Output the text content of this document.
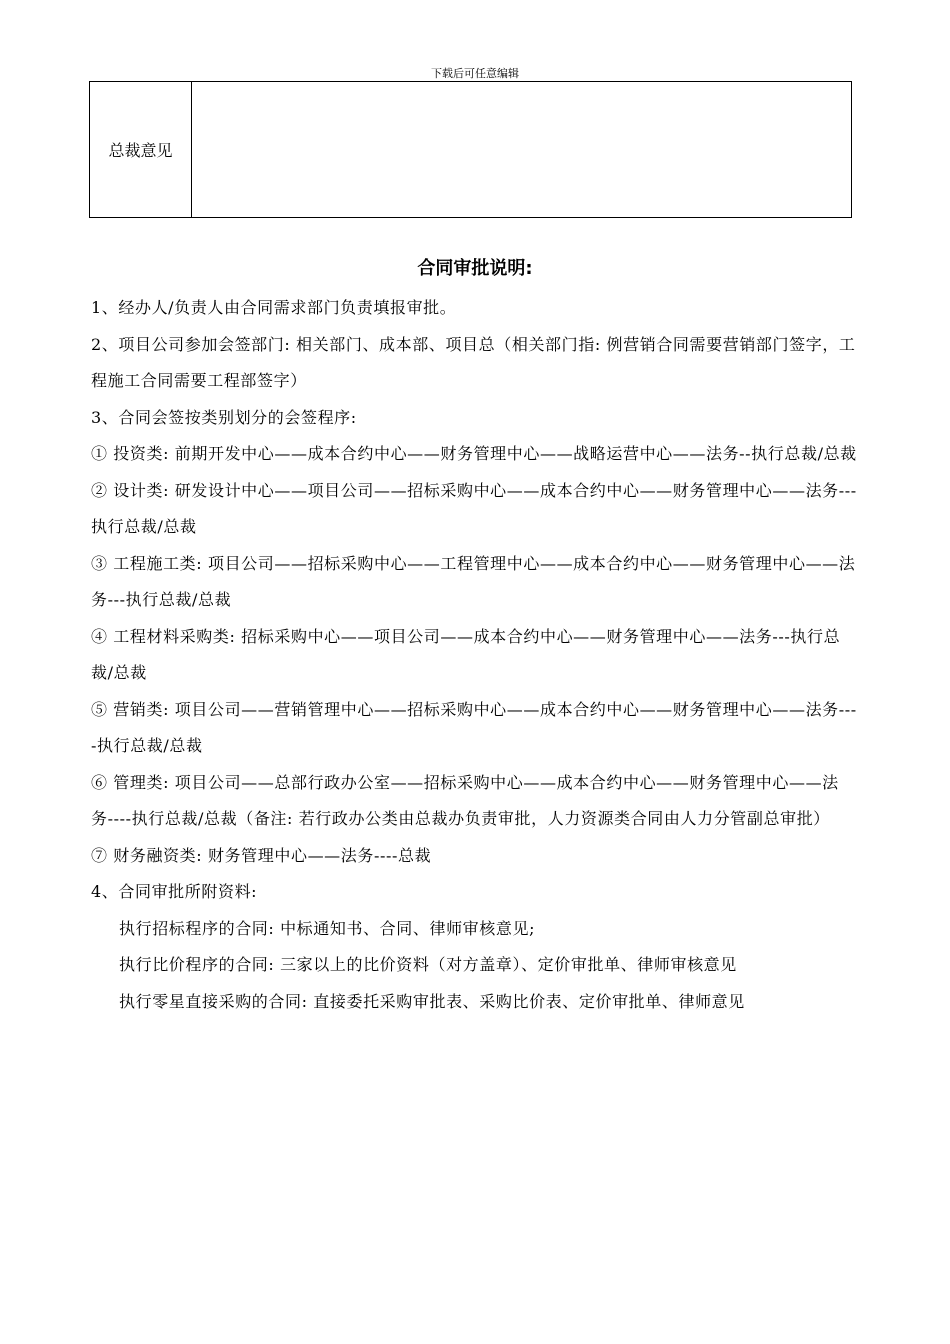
下载后可任意编辑
总裁意见	
合同审批说明:

1、经办人/负责人由合同需求部门负责填报审批。

2、项目公司参加会签部门: 相关部门、成本部、项目总（相关部门指: 例营销合同需要营销部门签字，工程施工合同需要工程部签字）

3、合同会签按类别划分的会签程序:

① 投资类: 前期开发中心——成本合约中心——财务管理中心——战略运营中心——法务--执行总裁/总裁

② 设计类: 研发设计中心——项目公司——招标采购中心——成本合约中心——财务管理中心——法务---执行总裁/总裁

③ 工程施工类: 项目公司——招标采购中心——工程管理中心——成本合约中心——财务管理中心——法务---执行总裁/总裁

④ 工程材料采购类: 招标采购中心——项目公司——成本合约中心——财务管理中心——法务---执行总裁/总裁

⑤ 营销类: 项目公司——营销管理中心——招标采购中心——成本合约中心——财务管理中心——法务----执行总裁/总裁

⑥ 管理类: 项目公司——总部行政办公室——招标采购中心——成本合约中心——财务管理中心——法务----执行总裁/总裁（备注: 若行政办公类由总裁办负责审批，人力资源类合同由人力分管副总审批）

⑦ 财务融资类: 财务管理中心——法务----总裁

4、合同审批所附资料:

执行招标程序的合同: 中标通知书、合同、律师审核意见;

执行比价程序的合同: 三家以上的比价资料（对方盖章）、定价审批单、律师审核意见

执行零星直接采购的合同: 直接委托采购审批表、采购比价表、定价审批单、律师意见
